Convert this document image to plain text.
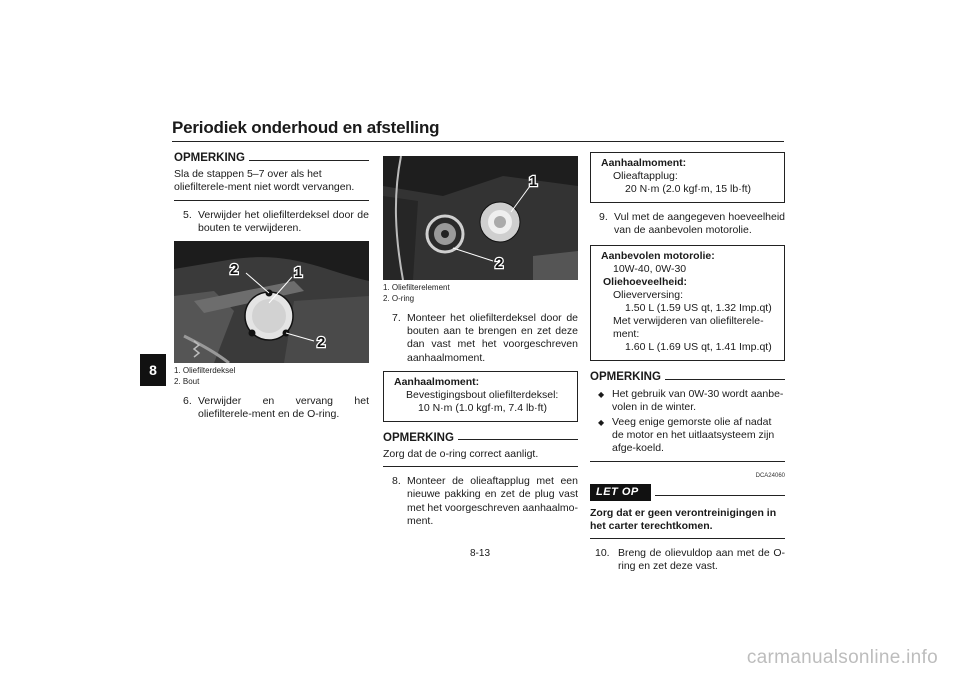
Periodiek onderhoud en afstelling
8
OPMERKING

Sla de stappen 5–7 over als het oliefilterele-ment niet wordt vervangen.

5. Verwijder het oliefilterdeksel door de bouten te verwijderen.
1
2
2
1. Oliefilterdeksel
2. Bout
6. Verwijder en vervang het oliefilterele-ment en de O-ring.
1
2
1. Oliefilterelement
2. O-ring
7. Monteer het oliefilterdeksel door de bouten aan te brengen en zet deze dan vast met het voorgeschreven aanhaalmoment.
Aanhaalmoment:
Bevestigingsbout oliefilterdeksel:
10 N·m (1.0 kgf·m, 7.4 lb·ft)
OPMERKING

Zorg dat de o-ring correct aanligt.

8. Monteer de olieaftapplug met een nieuwe pakking en zet de plug vast met het voorgeschreven aanhaalmo-ment.
Aanhaalmoment:
Olieaftapplug:
20 N·m (2.0 kgf·m, 15 lb·ft)
9. Vul met de aangegeven hoeveelheid van de aanbevolen motorolie.
Aanbevolen motorolie:
10W-40, 0W-30
Oliehoeveelheid:
Olieverversing:
1.50 L (1.59 US qt, 1.32 Imp.qt)
Met verwijderen van oliefilterele-ment:
1.60 L (1.69 US qt, 1.41 Imp.qt)
OPMERKING
◆ Het gebruik van 0W-30 wordt aanbe-volen in de winter.
◆ Veeg enige gemorste olie af nadat de motor en het uitlaatsysteem zijn afge-koeld.
DCA24060
LET OP

Zorg dat er geen verontreinigingen in het carter terechtkomen.

10. Breng de olievuldop aan met de O-ring en zet deze vast.
8-13
carmanualsonline.info
